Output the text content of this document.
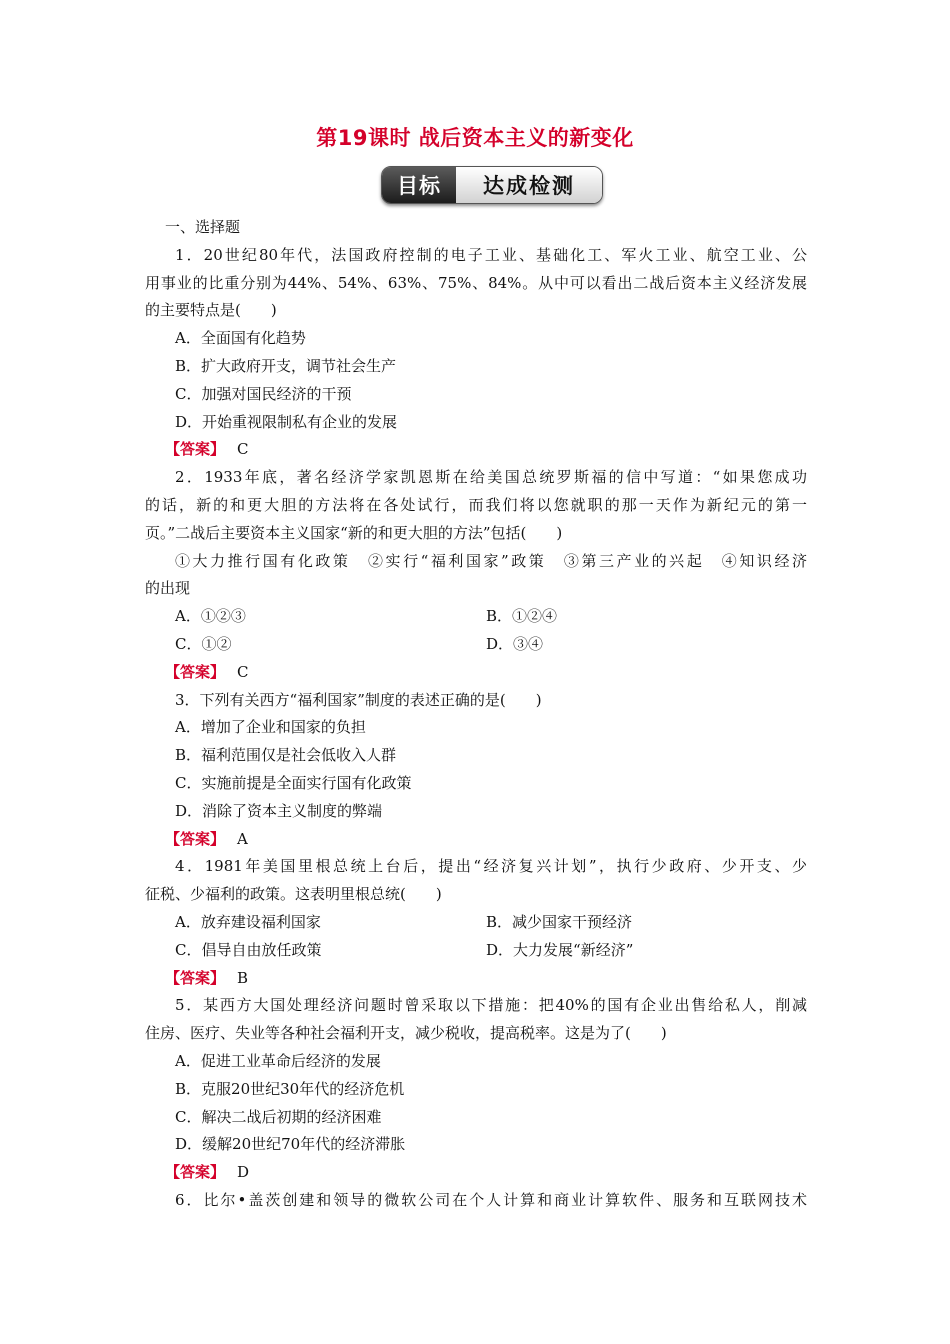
第19课时 战后资本主义的新变化
目标	达成检测
一、选择题
1．20世纪80年代，法国政府控制的电子工业、基础化工、军火工业、航空工业、公
用事业的比重分别为44%、54%、63%、75%、84%。从中可以看出二战后资本主义经济发展
的主要特点是(　　)
A．全面国有化趋势
B．扩大政府开支，调节社会生产
C．加强对国民经济的干预
D．开始重视限制私有企业的发展
【答案】 C
2．1933年底，著名经济学家凯恩斯在给美国总统罗斯福的信中写道：“如果您成功
的话，新的和更大胆的方法将在各处试行，而我们将以您就职的那一天作为新纪元的第一
页。”二战后主要资本主义国家“新的和更大胆的方法”包括(　　)
①大力推行国有化政策　②实行“福利国家”政策　③第三产业的兴起　④知识经济
的出现
A．①②③	B．①②④
C．①②	D．③④
【答案】 C
3．下列有关西方“福利国家”制度的表述正确的是(　　)
A．增加了企业和国家的负担
B．福利范围仅是社会低收入人群
C．实施前提是全面实行国有化政策
D．消除了资本主义制度的弊端
【答案】 A
4．1981年美国里根总统上台后，提出“经济复兴计划”，执行少政府、少开支、少
征税、少福利的政策。这表明里根总统(　　)
A．放弃建设福利国家	B．减少国家干预经济
C．倡导自由放任政策	D．大力发展“新经济”
【答案】 B
5．某西方大国处理经济问题时曾采取以下措施：把40%的国有企业出售给私人，削减
住房、医疗、失业等各种社会福利开支，减少税收，提高税率。这是为了(　　)
A．促进工业革命后经济的发展
B．克服20世纪30年代的经济危机
C．解决二战后初期的经济困难
D．缓解20世纪70年代的经济滞胀
【答案】 D
6．比尔•盖茨创建和领导的微软公司在个人计算和商业计算软件、服务和互联网技术
